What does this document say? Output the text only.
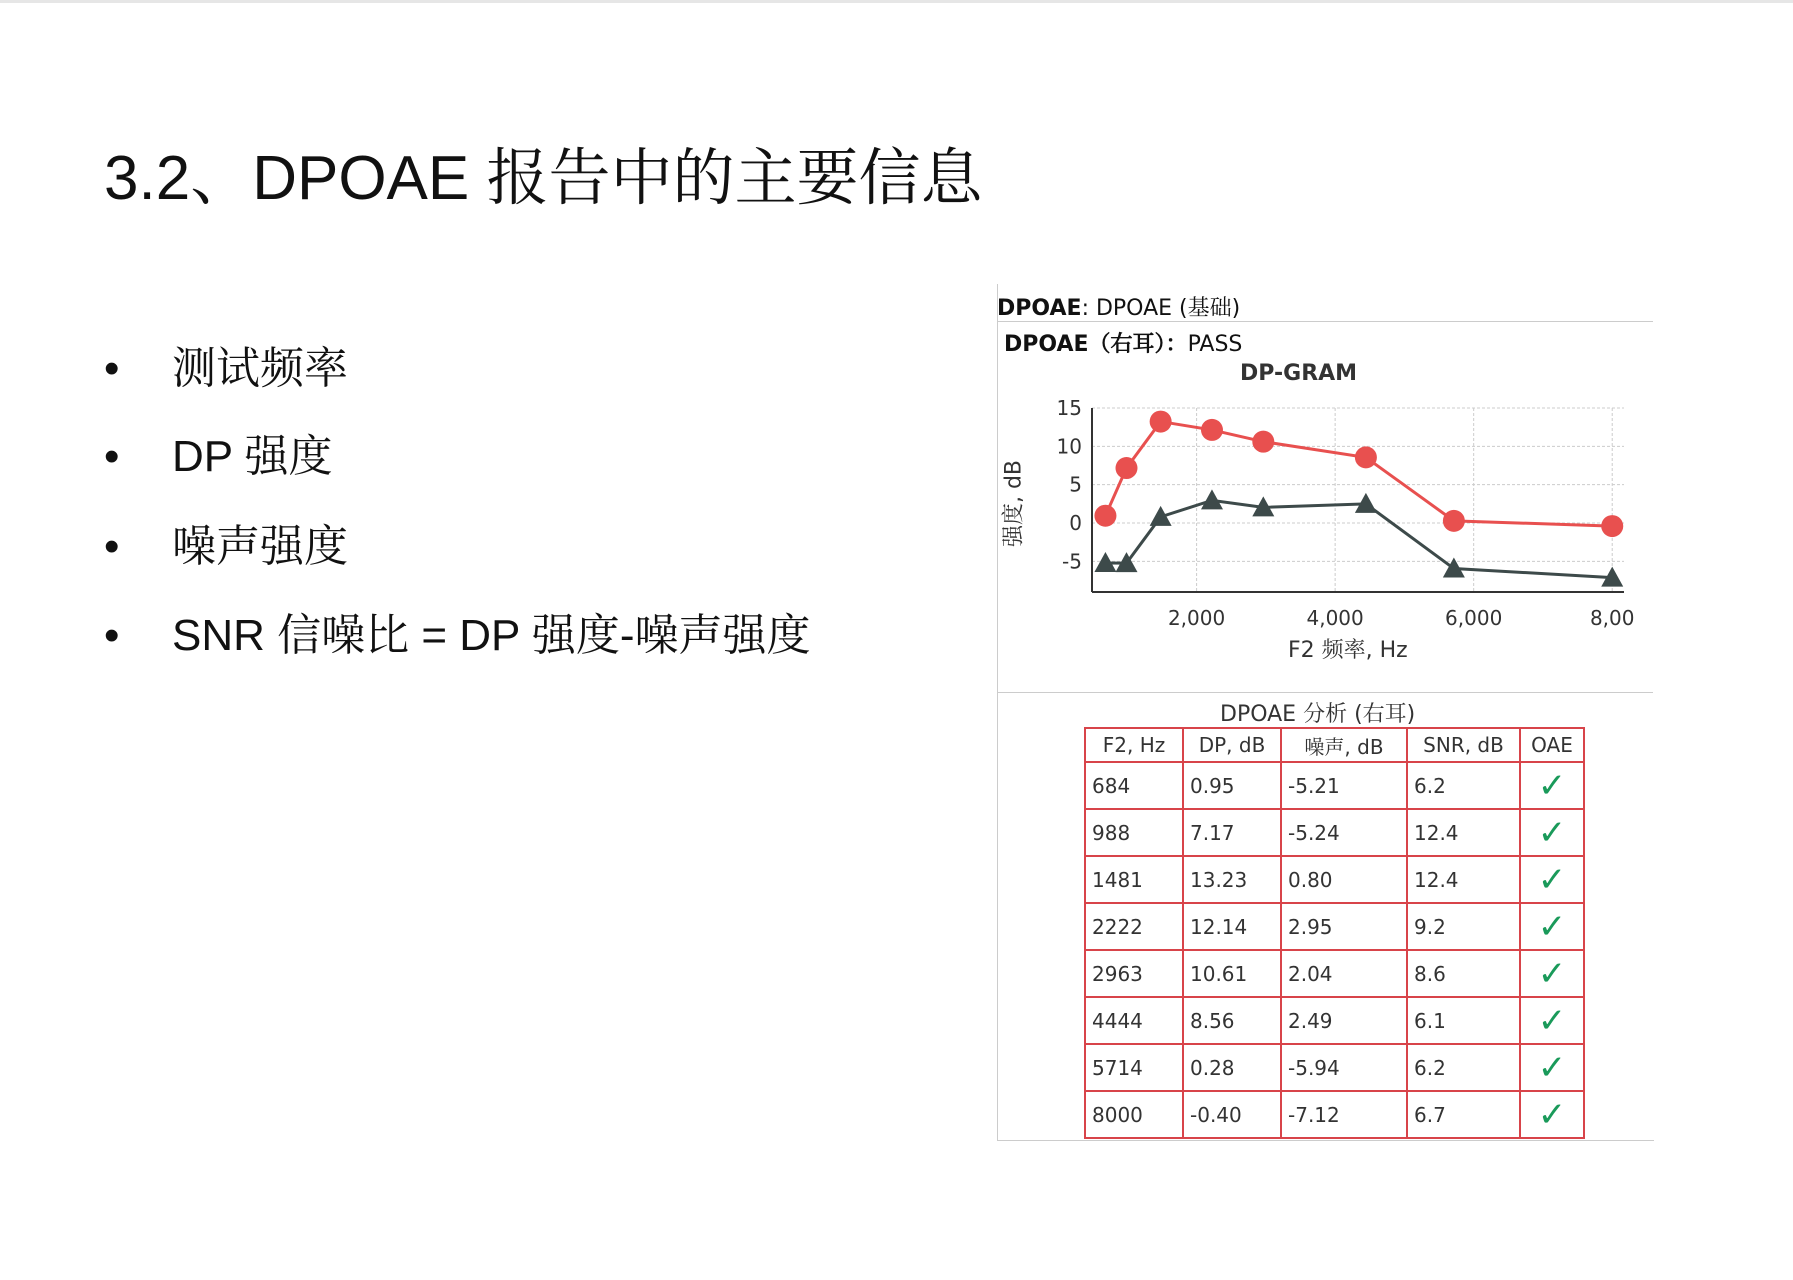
3.2、DPOAE 报告中的主要信息
• 测试频率
• DP 强度
• 噪声强度
• SNR 信噪比 = DP 强度-噪声强度
DPOAE: DPOAE (基础)
DPOAE（右耳）：PASS
DP-GRAM
F2 频率, Hz
强度, dB
DPOAE 分析 (右耳)
15
10
5
0
-5
2,000	4,000	6,000	8,00
F2, Hz	DP, dB	噪声, dB	SNR, dB	OAE
684	0.95	-5.21	6.2	✓
988	7.17	-5.24	12.4	✓
1481	13.23	0.80	12.4	✓
2222	12.14	2.95	9.2	✓
2963	10.61	2.04	8.6	✓
4444	8.56	2.49	6.1	✓
5714	0.28	-5.94	6.2	✓
8000	-0.40	-7.12	6.7	✓
